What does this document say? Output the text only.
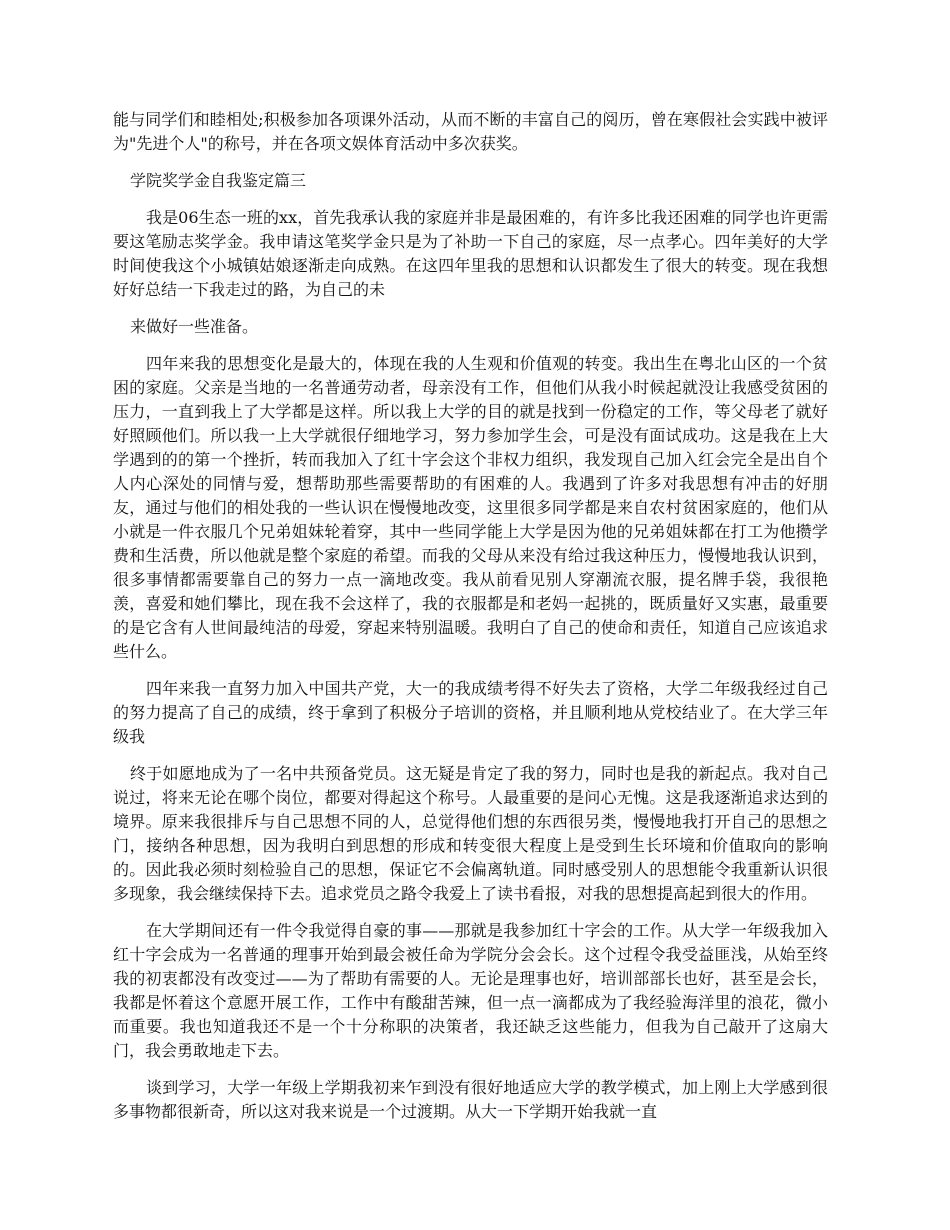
能与同学们和睦相处;积极参加各项课外活动，从而不断的丰富自己的阅历，曾在寒假社会实践中被评为"先进个人"的称号，并在各项文娱体育活动中多次获奖。

学院奖学金自我鉴定篇三

我是06生态一班的xx，首先我承认我的家庭并非是最困难的，有许多比我还困难的同学也许更需要这笔励志奖学金。我申请这笔奖学金只是为了补助一下自己的家庭，尽一点孝心。四年美好的大学时间使我这个小城镇姑娘逐渐走向成熟。在这四年里我的思想和认识都发生了很大的转变。现在我想好好总结一下我走过的路，为自己的未

来做好一些准备。

四年来我的思想变化是最大的，体现在我的人生观和价值观的转变。我出生在粤北山区的一个贫困的家庭。父亲是当地的一名普通劳动者，母亲没有工作，但他们从我小时候起就没让我感受贫困的压力，一直到我上了大学都是这样。所以我上大学的目的就是找到一份稳定的工作，等父母老了就好好照顾他们。所以我一上大学就很仔细地学习，努力参加学生会，可是没有面试成功。这是我在上大学遇到的的第一个挫折，转而我加入了红十字会这个非权力组织，我发现自己加入红会完全是出自个人内心深处的同情与爱，想帮助那些需要帮助的有困难的人。我遇到了许多对我思想有冲击的好朋友，通过与他们的相处我的一些认识在慢慢地改变，这里很多同学都是来自农村贫困家庭的，他们从小就是一件衣服几个兄弟姐妹轮着穿，其中一些同学能上大学是因为他的兄弟姐妹都在打工为他攒学费和生活费，所以他就是整个家庭的希望。而我的父母从来没有给过我这种压力，慢慢地我认识到，很多事情都需要靠自己的努力一点一滴地改变。我从前看见别人穿潮流衣服，提名牌手袋，我很艳羡，喜爱和她们攀比，现在我不会这样了，我的衣服都是和老妈一起挑的，既质量好又实惠，最重要的是它含有人世间最纯洁的母爱，穿起来特别温暖。我明白了自己的使命和责任，知道自己应该追求些什么。

四年来我一直努力加入中国共产党，大一的我成绩考得不好失去了资格，大学二年级我经过自己的努力提高了自己的成绩，终于拿到了积极分子培训的资格，并且顺利地从党校结业了。在大学三年级我

终于如愿地成为了一名中共预备党员。这无疑是肯定了我的努力，同时也是我的新起点。我对自己说过，将来无论在哪个岗位，都要对得起这个称号。人最重要的是问心无愧。这是我逐渐追求达到的境界。原来我很排斥与自己思想不同的人，总觉得他们想的东西很另类，慢慢地我打开自己的思想之门，接纳各种思想，因为我明白到思想的形成和转变很大程度上是受到生长环境和价值取向的影响的。因此我必须时刻检验自己的思想，保证它不会偏离轨道。同时感受别人的思想能令我重新认识很多现象，我会继续保持下去。追求党员之路令我爱上了读书看报，对我的思想提高起到很大的作用。

在大学期间还有一件令我觉得自豪的事——那就是我参加红十字会的工作。从大学一年级我加入红十字会成为一名普通的理事开始到最会被任命为学院分会会长。这个过程令我受益匪浅，从始至终我的初衷都没有改变过——为了帮助有需要的人。无论是理事也好，培训部部长也好，甚至是会长，我都是怀着这个意愿开展工作，工作中有酸甜苦辣，但一点一滴都成为了我经验海洋里的浪花，微小而重要。我也知道我还不是一个十分称职的决策者，我还缺乏这些能力，但我为自己敲开了这扇大门，我会勇敢地走下去。

谈到学习，大学一年级上学期我初来乍到没有很好地适应大学的教学模式，加上刚上大学感到很多事物都很新奇，所以这对我来说是一个过渡期。从大一下学期开始我就一直
